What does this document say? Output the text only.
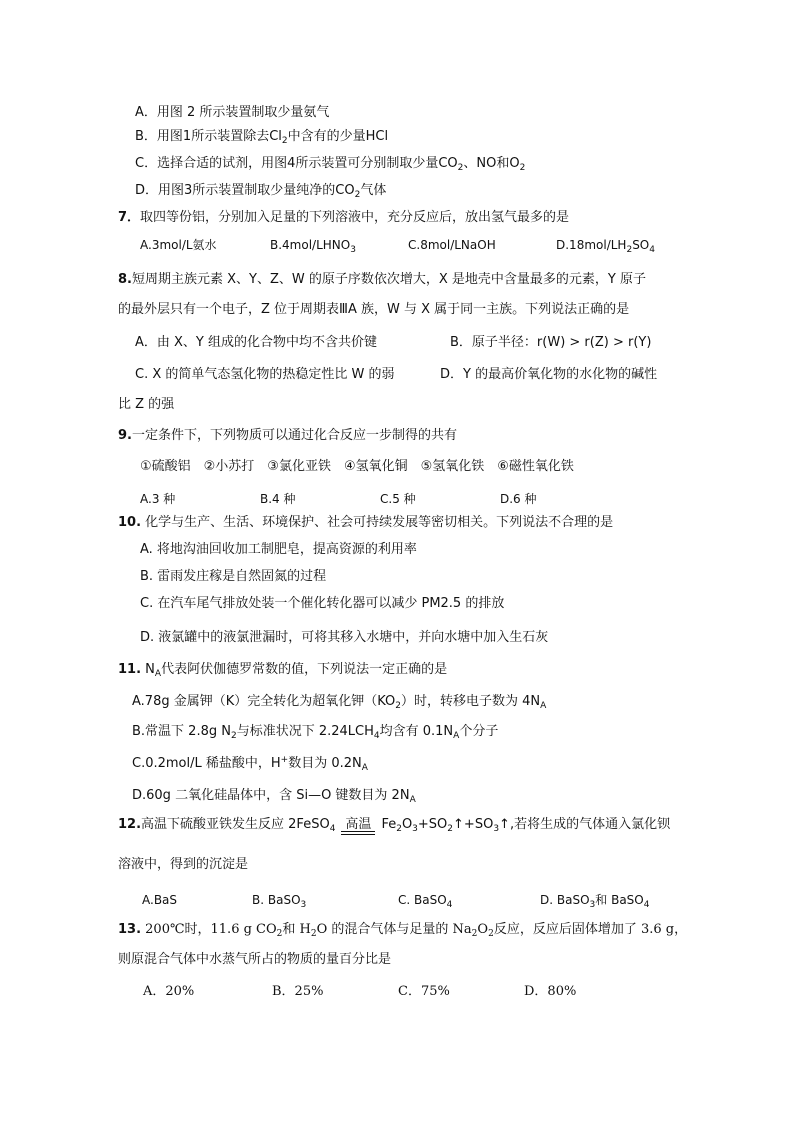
A．用图 2 所示装置制取少量氨气
B．用图1所示装置除去$Cl_2$中含有的少量HCl
C．选择合适的试剂，用图4所示装置可分别制取少量$CO_2$、NO和$O_2$
D．用图3所示装置制取少量纯净的$CO_2$气体
7．取四等份铝，分别加入足量的下列溶液中，充分反应后，放出氢气最多的是
A.3mol/L氨水	$B.4mol/LHNO_3$	C.8mol/LNaOH	$D.18mol/LH_2SO_4$
8.短周期主族元素 X、Y、Z、W 的原子序数依次增大，X 是地壳中含量最多的元素，Y 原子
的最外层只有一个电子，Z 位于周期表ⅢA 族，W 与 X 属于同一主族。下列说法正确的是
A．由 X、Y 组成的化合物中均不含共价键	B．原子半径：r(W) > r(Z) > r(Y)
C. X 的简单气态氢化物的热稳定性比 W 的弱	D．Y 的最高价氧化物的水化物的碱性
比 Z 的强
9.一定条件下，下列物质可以通过化合反应一步制得的共有
①硫酸铝　②小苏打　③氯化亚铁　④氢氧化铜　⑤氢氧化铁　⑥磁性氧化铁
A.3 种	B.4 种	C.5 种	D.6 种
10. 化学与生产、生活、环境保护、社会可持续发展等密切相关。下列说法不合理的是
A. 将地沟油回收加工制肥皂，提高资源的利用率
B. 雷雨发庄稼是自然固氮的过程
C. 在汽车尾气排放处装一个催化转化器可以减少 PM2.5 的排放
D. 液氯罐中的液氯泄漏时，可将其移入水塘中，并向水塘中加入生石灰
11. $N_A$代表阿伏伽德罗常数的值，下列说法一定正确的是
A.78g 金属钾（K）完全转化为超氧化钾$(KO_2)$时，转移电子数为 $4N_A$
B.常温下 2.8g $N_2$与标准状况下 $2.24LCH_4$均含有 $0.1N_A$个分子
C.0.2mol/L 稀盐酸中，H+数目为 $0.2N_A$
D.60g 二氧化硅晶体中，含 Si—O 键数目为 $2N_A$
12.高温下硫酸亚铁发生反应 2FeSO$_4$ 高温 $Fe_2O_3+SO_2↑+SO_3↑$,若将生成的气体通入氯化钡
溶液中，得到的沉淀是
A.BaS	B. BaSO$_3$	C. BaSO$_4$	D. BaSO$_3$和 BaSO$_4$
13. 200℃时，11.6 g $CO_2$和 $H_2O$ 的混合气体与足量的 $Na_2O_2$反应，反应后固体增加了 3.6 g，
则原混合气体中水蒸气所占的物质的量百分比是
A．20%	B．25%	C．75%	D．80%
